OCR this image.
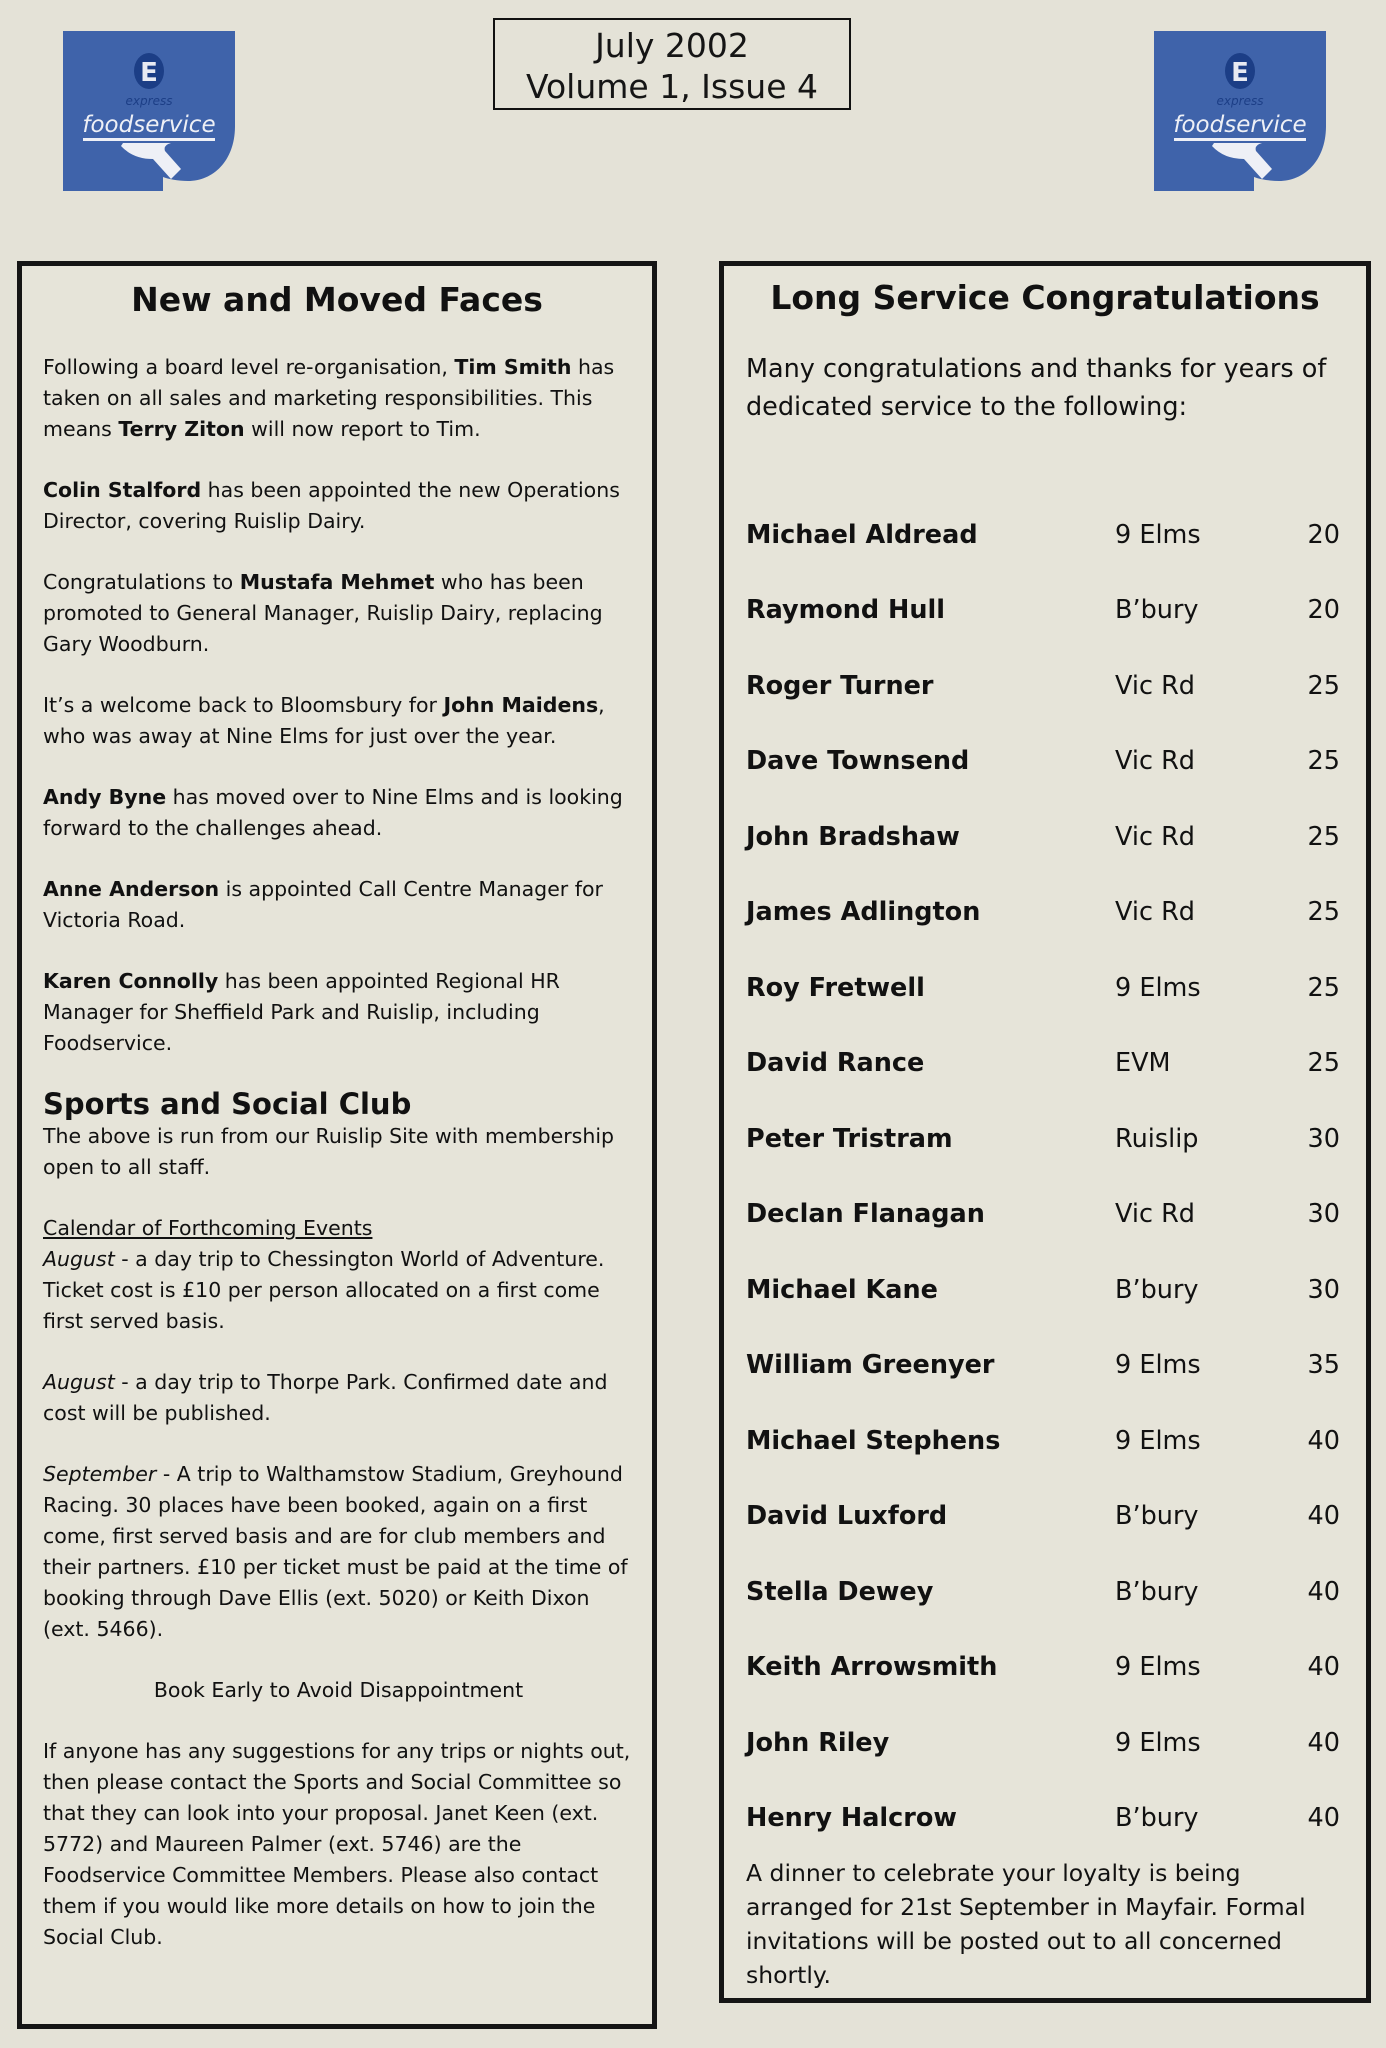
E
express
foodservice
July 2002
Volume 1, Issue 4	E
express
foodservice
New and Moved Faces

Following a board level re-organisation, Tim Smith has taken on all sales and marketing responsibilities. This means Terry Ziton will now report to Tim.

Colin Stalford has been appointed the new Operations Director, covering Ruislip Dairy.

Congratulations to Mustafa Mehmet who has been promoted to General Manager, Ruislip Dairy, replacing Gary Woodburn.

It’s a welcome back to Bloomsbury for John Maidens, who was away at Nine Elms for just over the year.

Andy Byne has moved over to Nine Elms and is looking forward to the challenges ahead.

Anne Anderson is appointed Call Centre Manager for Victoria Road.

Karen Connolly has been appointed Regional HR Manager for Sheffield Park and Ruislip, including Foodservice.

Sports and Social Club

The above is run from our Ruislip Site with membership open to all staff.

Calendar of Forthcoming Events

August - a day trip to Chessington World of Adventure. Ticket cost is £10 per person allocated on a first come first served basis.

August - a day trip to Thorpe Park. Confirmed date and cost will be published.

September - A trip to Walthamstow Stadium, Greyhound Racing. 30 places have been booked, again on a first come, first served basis and are for club members and their partners. £10 per ticket must be paid at the time of booking through Dave Ellis (ext. 5020) or Keith Dixon (ext. 5466).

Book Early to Avoid Disappointment

If anyone has any suggestions for any trips or nights out, then please contact the Sports and Social Committee so that they can look into your proposal. Janet Keen (ext. 5772) and Maureen Palmer (ext. 5746) are the Foodservice Committee Members. Please also contact them if you would like more details on how to join the Social Club.

Long Service Congratulations

Many congratulations and thanks for years of dedicated service to the following:

Michael Aldread	9 Elms	20
Raymond Hull	B’bury	20
Roger Turner	Vic Rd	25
Dave Townsend	Vic Rd	25
John Bradshaw	Vic Rd	25
James Adlington	Vic Rd	25
Roy Fretwell	9 Elms	25
David Rance	EVM	25
Peter Tristram	Ruislip	30
Declan Flanagan	Vic Rd	30
Michael Kane	B’bury	30
William Greenyer	9 Elms	35
Michael Stephens	9 Elms	40
David Luxford	B’bury	40
Stella Dewey	B’bury	40
Keith Arrowsmith	9 Elms	40
John Riley	9 Elms	40
Henry Halcrow	B’bury	40

A dinner to celebrate your loyalty is being arranged for 21st September in Mayfair. Formal invitations will be posted out to all concerned shortly.
